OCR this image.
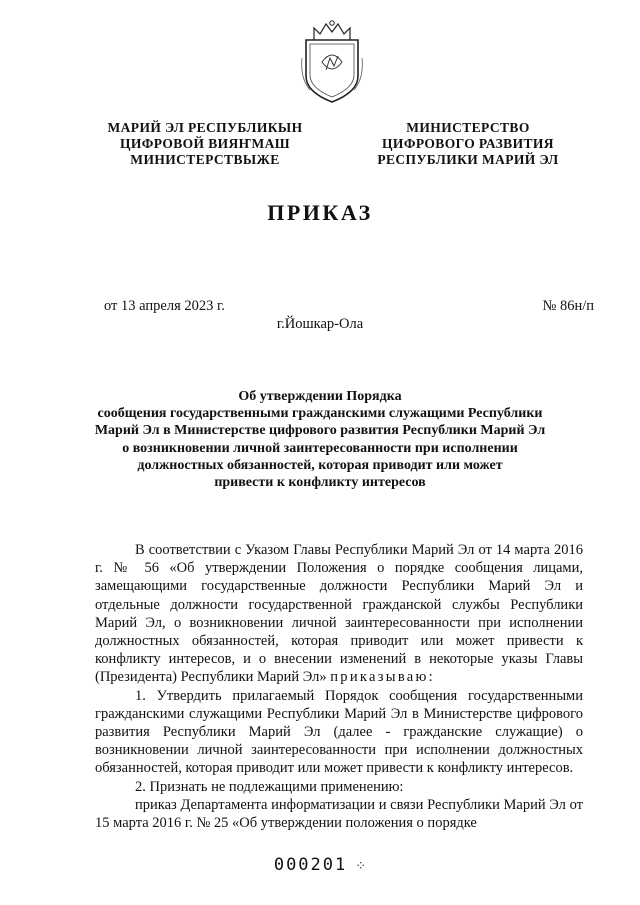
МАРИЙ ЭЛ РЕСПУБЛИКЫН
ЦИФРОВОЙ ВИЯҤМАШ
МИНИСТЕРСТВЫЖЕ
МИНИСТЕРСТВО
ЦИФРОВОГО РАЗВИТИЯ
РЕСПУБЛИКИ МАРИЙ ЭЛ
ПРИКАЗ
от 13 апреля 2023 г.	№ 86н/п
г.Йошкар-Ола
Об утверждении Порядка
сообщения государственными гражданскими служащими Республики
Марий Эл в Министерстве цифрового развития Республики Марий Эл
о возникновении личной заинтересованности при исполнении
должностных обязанностей, которая приводит или может
привести к конфликту интересов

В соответствии с Указом Главы Республики Марий Эл от 14 марта 2016 г. № 56 «Об утверждении Положения о порядке сообщения лицами, замещающими государственные должности Республики Марий Эл и отдельные должности государственной гражданской службы Республики Марий Эл, о возникновении личной заинтересованности при исполнении должностных обязанностей, которая приводит или может привести к конфликту интересов, и о внесении изменений в некоторые указы Главы (Президента) Республики Марий Эл» приказываю:

1. Утвердить прилагаемый Порядок сообщения государственными гражданскими служащими Республики Марий Эл в Министерстве цифрового развития Республики Марий Эл (далее - гражданские служащие) о возникновении личной заинтересованности при исполнении должностных обязанностей, которая приводит или может привести к конфликту интересов.

2. Признать не подлежащими применению:

приказ Департамента информатизации и связи Республики Марий Эл от 15 марта 2016 г. № 25 «Об утверждении положения о порядке

000201 ⁘
